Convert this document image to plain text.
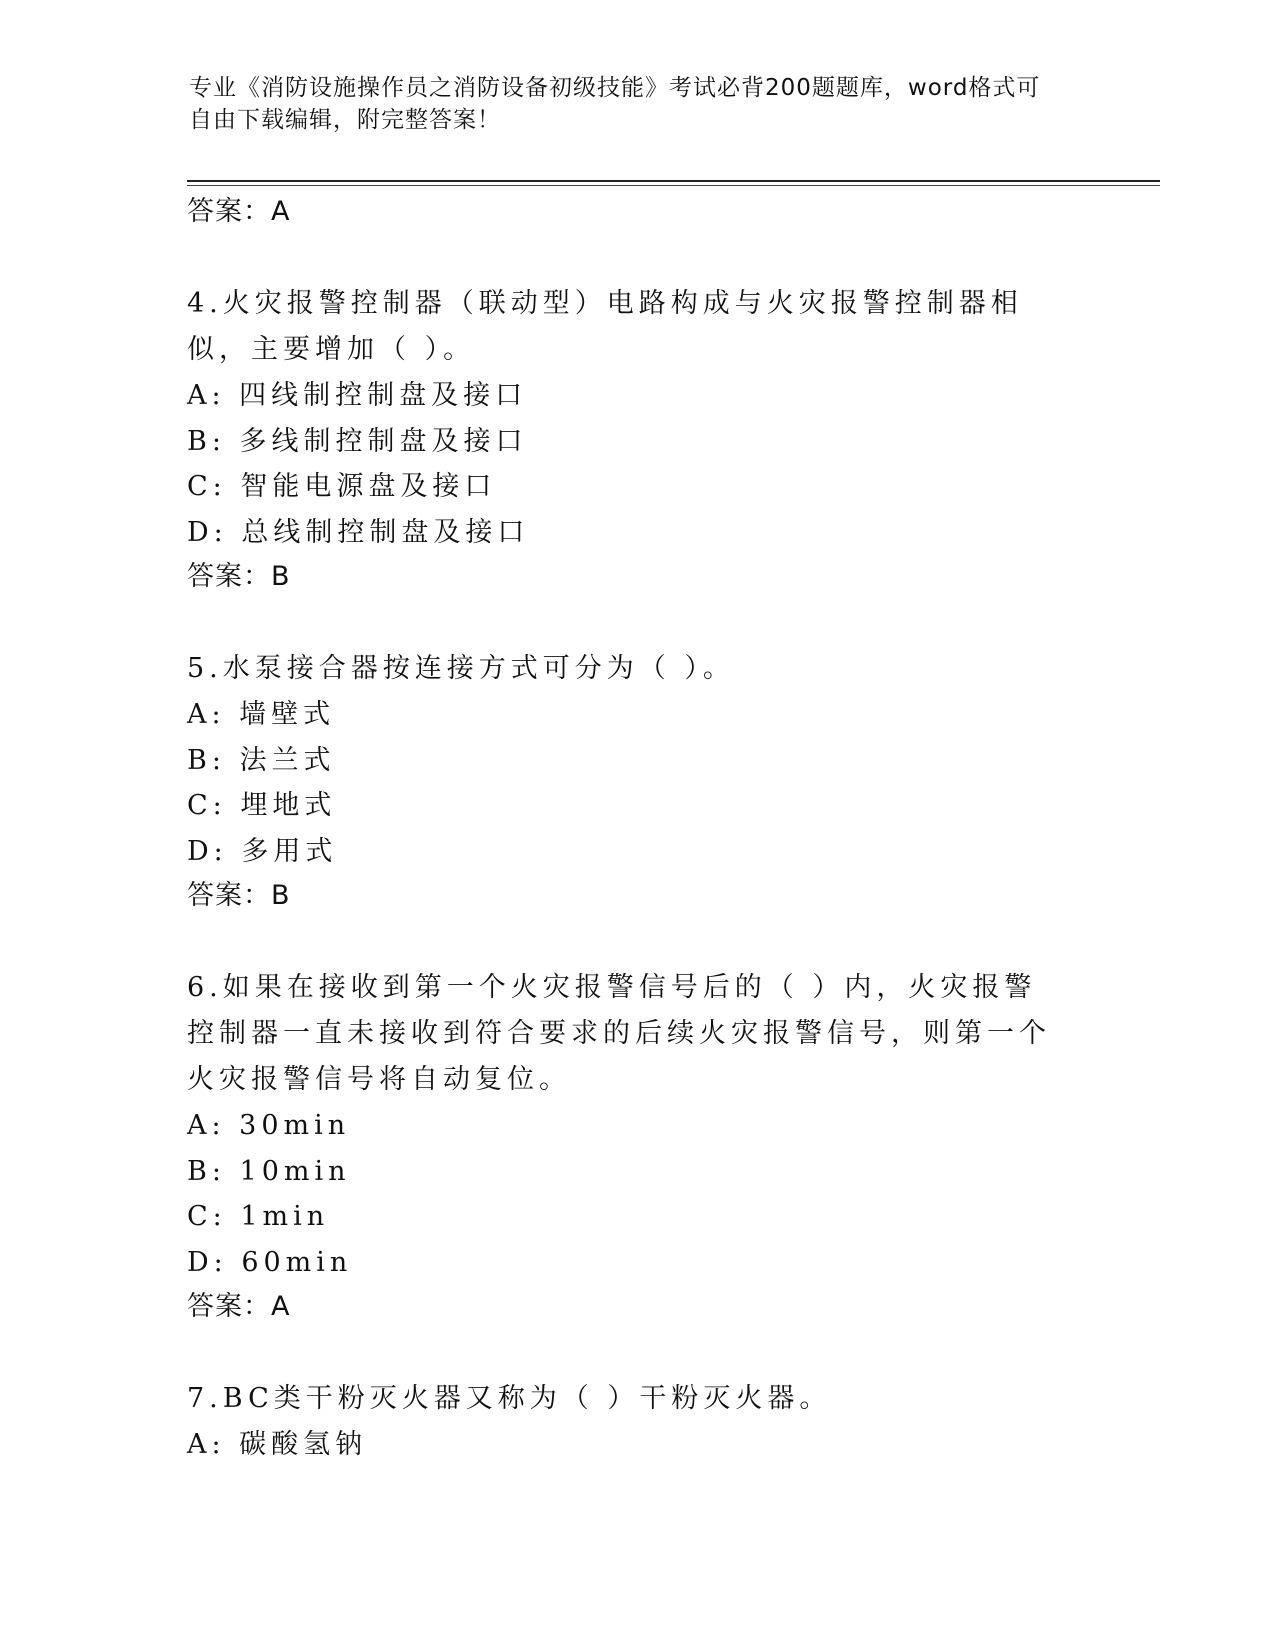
专业《消防设施操作员之消防设备初级技能》考试必背200题题库，word格式可
自由下载编辑，附完整答案！
答案：A
4.火灾报警控制器（联动型）电路构成与火灾报警控制器相似，主要增加（ ）。
A: 四线制控制盘及接口
B: 多线制控制盘及接口
C: 智能电源盘及接口
D: 总线制控制盘及接口
答案：B
5.水泵接合器按连接方式可分为（ ）。
A: 墙壁式
B: 法兰式
C: 埋地式
D: 多用式
答案：B
6.如果在接收到第一个火灾报警信号后的（ ）内，火灾报警控制器一直未接收到符合要求的后续火灾报警信号，则第一个火灾报警信号将自动复位。
A: 30min
B: 10min
C: 1min
D: 60min
答案：A
7.BC类干粉灭火器又称为（ ）干粉灭火器。
A: 碳酸氢钠
